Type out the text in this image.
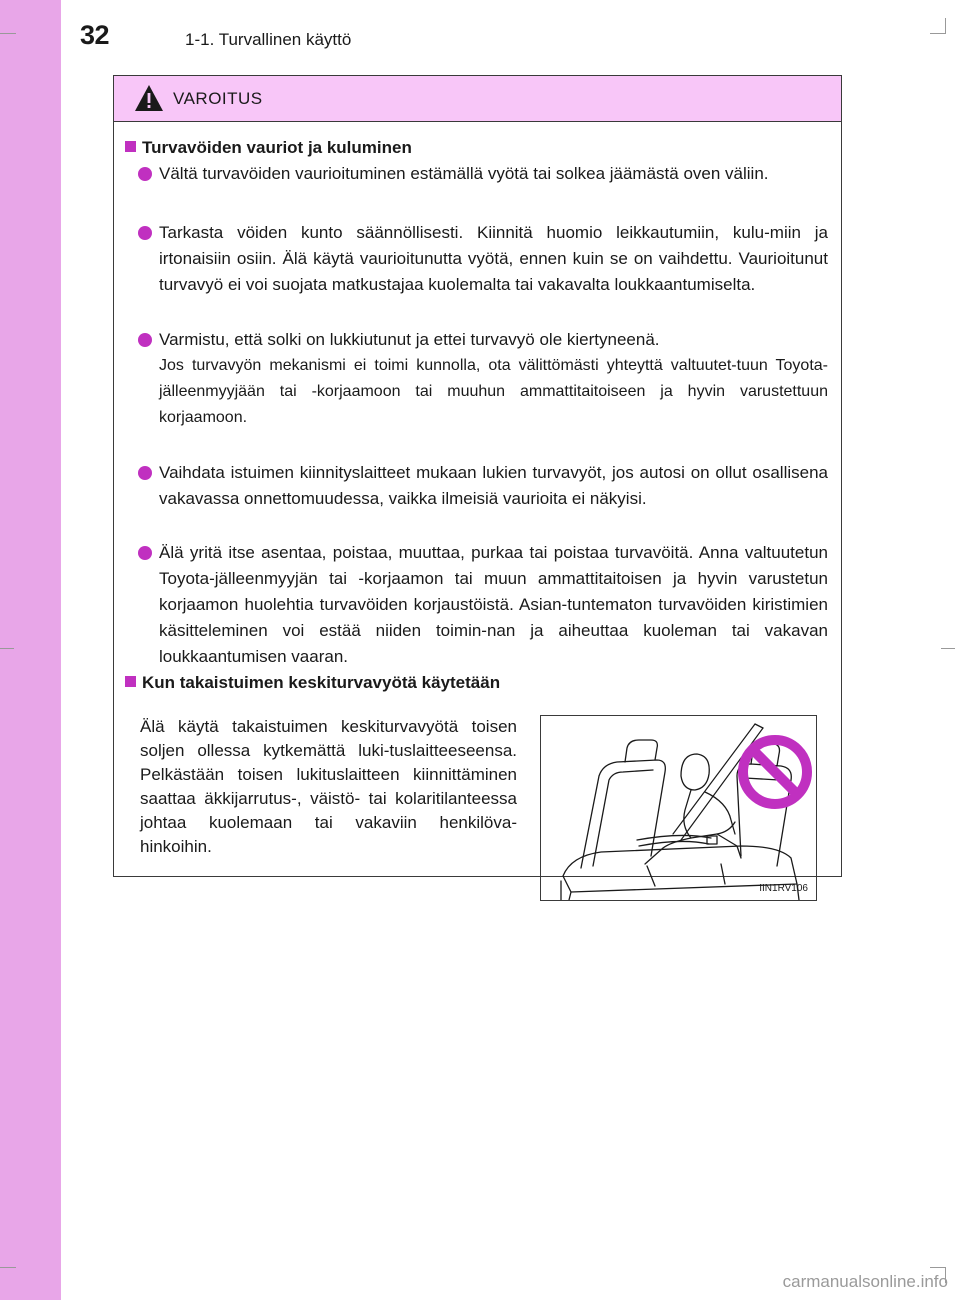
32	1-1. Turvallinen käyttö
VAROITUS
Turvavöiden vauriot ja kuluminen
Vältä turvavöiden vaurioituminen estämällä vyötä tai solkea jäämästä oven väliin.
Tarkasta vöiden kunto säännöllisesti. Kiinnitä huomio leikkautumiin, kulu-miin ja irtonaisiin osiin. Älä käytä vaurioitunutta vyötä, ennen kuin se on vaihdettu. Vaurioitunut turvavyö ei voi suojata matkustajaa kuolemalta tai vakavalta loukkaantumiselta.
Varmistu, että solki on lukkiutunut ja ettei turvavyö ole kiertyneenä.
Jos turvavyön mekanismi ei toimi kunnolla, ota välittömästi yhteyttä valtuutet-tuun Toyota-jälleenmyyjään tai -korjaamoon tai muuhun ammattitaitoiseen ja hyvin varustettuun korjaamoon.
Vaihdata istuimen kiinnityslaitteet mukaan lukien turvavyöt, jos autosi on ollut osallisena vakavassa onnettomuudessa, vaikka ilmeisiä vaurioita ei näkyisi.
Älä yritä itse asentaa, poistaa, muuttaa, purkaa tai poistaa turvavöitä. Anna valtuutetun Toyota-jälleenmyyjän tai -korjaamon tai muun ammattitaitoisen ja hyvin varustetun korjaamon huolehtia turvavöiden korjaustöistä. Asian-tuntematon turvavöiden kiristimien käsitteleminen voi estää niiden toimin-nan ja aiheuttaa kuoleman tai vakavan loukkaantumisen vaaran.
Kun takaistuimen keskiturvavyötä käytetään
Älä käytä takaistuimen keskiturvavyötä toisen soljen ollessa kytkemättä luki-tuslaitteeseensa. Pelkästään toisen lukituslaitteen kiinnittäminen saattaa äkkijarrutus-, väistö- tai kolaritilanteessa johtaa kuolemaan tai vakaviin henkilöva-hinkoihin.
IIN1RV106
carmanualsonline.info
